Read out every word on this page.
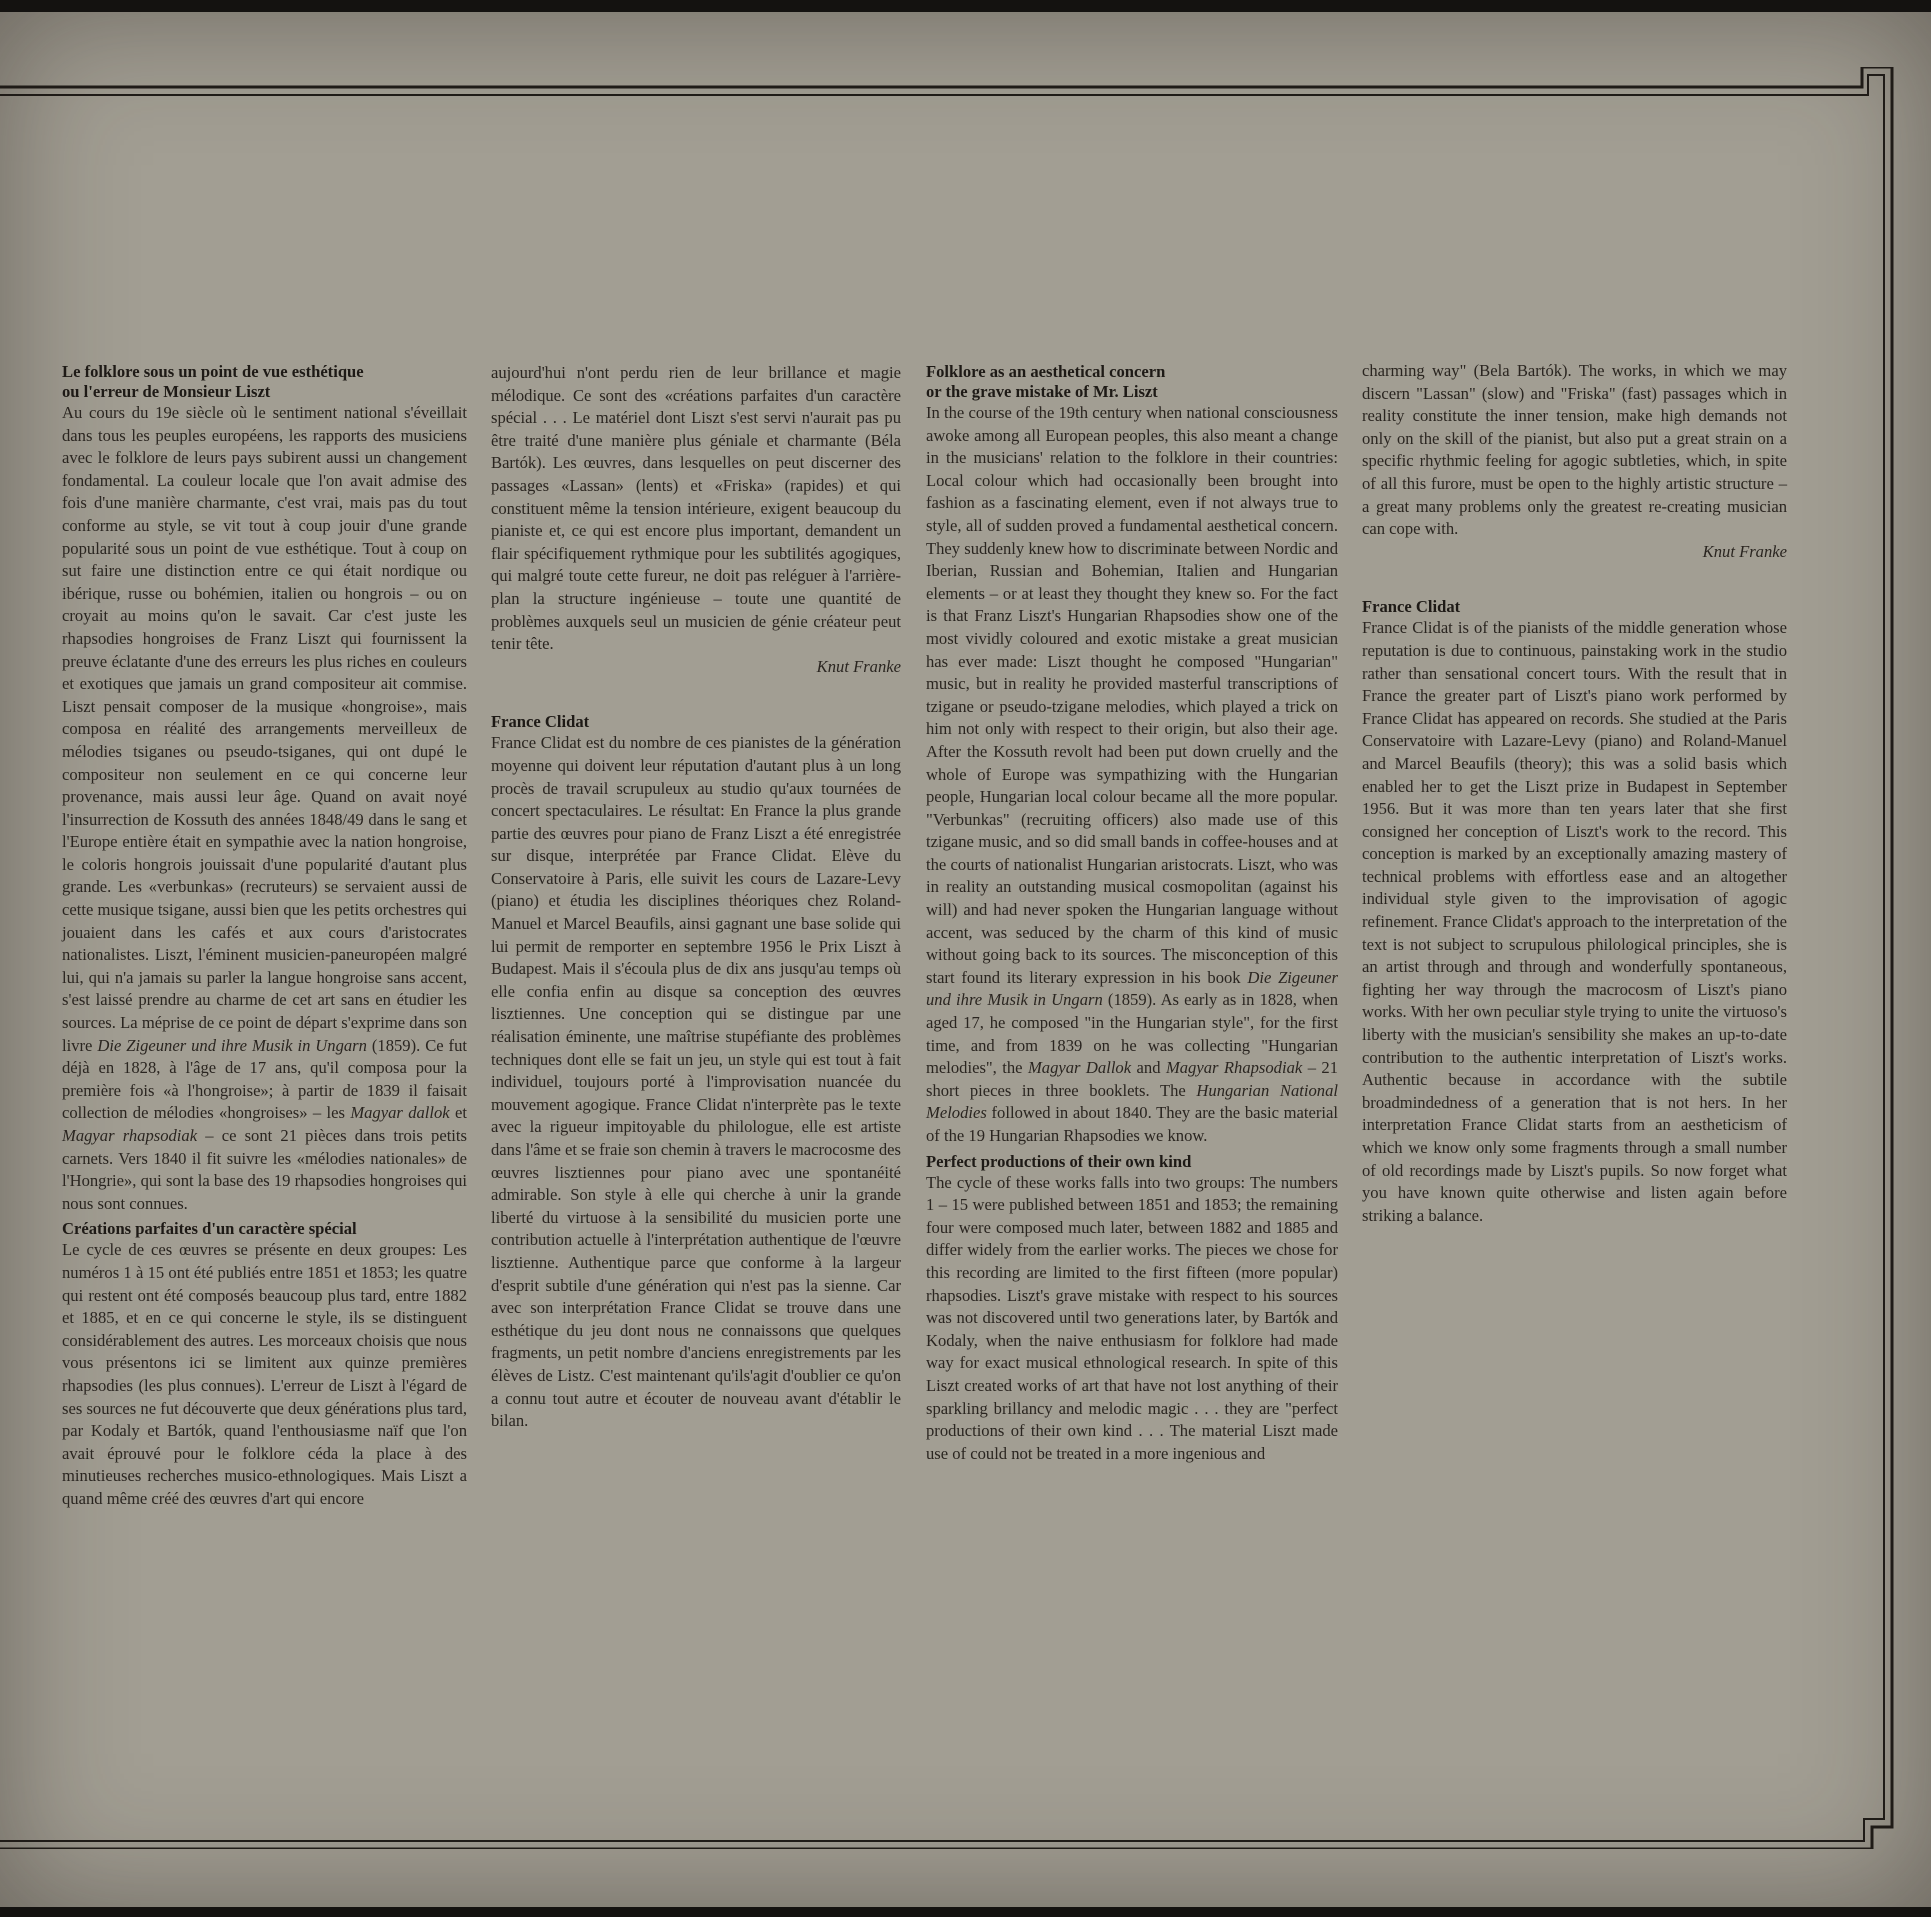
Le folklore sous un point de vue esthétique
ou l'erreur de Monsieur Liszt

Au cours du 19e siècle où le sentiment national s'éveillait dans tous les peuples européens, les rapports des musiciens avec le folklore de leurs pays subirent aussi un changement fondamental. La couleur locale que l'on avait admise des fois d'une manière charmante, c'est vrai, mais pas du tout conforme au style, se vit tout à coup jouir d'une grande popularité sous un point de vue esthétique. Tout à coup on sut faire une distinction entre ce qui était nordique ou ibérique, russe ou bohémien, italien ou hongrois – ou on croyait au moins qu'on le savait. Car c'est juste les rhapsodies hongroises de Franz Liszt qui fournissent la preuve éclatante d'une des erreurs les plus riches en couleurs et exotiques que jamais un grand compositeur ait commise. Liszt pensait composer de la musique «hongroise», mais composa en réalité des arrangements merveilleux de mélodies tsiganes ou pseudo-tsiganes, qui ont dupé le compositeur non seulement en ce qui concerne leur provenance, mais aussi leur âge. Quand on avait noyé l'insurrection de Kossuth des années 1848/49 dans le sang et l'Europe entière était en sympathie avec la nation hongroise, le coloris hongrois jouissait d'une popularité d'autant plus grande. Les «verbunkas» (recruteurs) se servaient aussi de cette musique tsigane, aussi bien que les petits orchestres qui jouaient dans les cafés et aux cours d'aristocrates nationalistes. Liszt, l'éminent musicien-paneuropéen malgré lui, qui n'a jamais su parler la langue hongroise sans accent, s'est laissé prendre au charme de cet art sans en étudier les sources. La méprise de ce point de départ s'exprime dans son livre Die Zigeuner und ihre Musik in Ungarn (1859). Ce fut déjà en 1828, à l'âge de 17 ans, qu'il composa pour la première fois «à l'hongroise»; à partir de 1839 il faisait collection de mélodies «hongroises» – les Magyar dallok et Magyar rhapsodiak – ce sont 21 pièces dans trois petits carnets. Vers 1840 il fit suivre les «mélodies nationales» de l'Hongrie», qui sont la base des 19 rhapsodies hongroises qui nous sont connues.

Créations parfaites d'un caractère spécial

Le cycle de ces œuvres se présente en deux groupes: Les numéros 1 à 15 ont été publiés entre 1851 et 1853; les quatre qui restent ont été composés beaucoup plus tard, entre 1882 et 1885, et en ce qui concerne le style, ils se distinguent considérablement des autres. Les morceaux choisis que nous vous présentons ici se limitent aux quinze premières rhapsodies (les plus connues). L'erreur de Liszt à l'égard de ses sources ne fut découverte que deux générations plus tard, par Kodaly et Bartók, quand l'enthousiasme naïf que l'on avait éprouvé pour le folklore céda la place à des minutieuses recherches musico-ethnologiques. Mais Liszt a quand même créé des œuvres d'art qui encore

aujourd'hui n'ont perdu rien de leur brillance et magie mélodique. Ce sont des «créations parfaites d'un caractère spécial . . . Le matériel dont Liszt s'est servi n'aurait pas pu être traité d'une manière plus géniale et charmante (Béla Bartók). Les œuvres, dans lesquelles on peut discerner des passages «Lassan» (lents) et «Friska» (rapides) et qui constituent même la tension intérieure, exigent beaucoup du pianiste et, ce qui est encore plus important, demandent un flair spécifiquement rythmique pour les subtilités agogiques, qui malgré toute cette fureur, ne doit pas reléguer à l'arrière-plan la structure ingénieuse – toute une quantité de problèmes auxquels seul un musicien de génie créateur peut tenir tête.

Knut Franke

France Clidat

France Clidat est du nombre de ces pianistes de la génération moyenne qui doivent leur réputation d'autant plus à un long procès de travail scrupuleux au studio qu'aux tournées de concert spectaculaires. Le résultat: En France la plus grande partie des œuvres pour piano de Franz Liszt a été enregistrée sur disque, interprétée par France Clidat. Elève du Conservatoire à Paris, elle suivit les cours de Lazare-Levy (piano) et étudia les disciplines théoriques chez Roland-Manuel et Marcel Beaufils, ainsi gagnant une base solide qui lui permit de remporter en septembre 1956 le Prix Liszt à Budapest. Mais il s'écoula plus de dix ans jusqu'au temps où elle confia enfin au disque sa conception des œuvres lisztiennes. Une conception qui se distingue par une réalisation éminente, une maîtrise stupéfiante des problèmes techniques dont elle se fait un jeu, un style qui est tout à fait individuel, toujours porté à l'improvisation nuancée du mouvement agogique. France Clidat n'interprète pas le texte avec la rigueur impitoyable du philologue, elle est artiste dans l'âme et se fraie son chemin à travers le macrocosme des œuvres lisztiennes pour piano avec une spontanéité admirable. Son style à elle qui cherche à unir la grande liberté du virtuose à la sensibilité du musicien porte une contribution actuelle à l'interprétation authentique de l'œuvre lisztienne. Authentique parce que conforme à la largeur d'esprit subtile d'une génération qui n'est pas la sienne. Car avec son interprétation France Clidat se trouve dans une esthétique du jeu dont nous ne connaissons que quelques fragments, un petit nombre d'anciens enregistrements par les élèves de Listz. C'est maintenant qu'ils'agit d'oublier ce qu'on a connu tout autre et écouter de nouveau avant d'établir le bilan.

Folklore as an aesthetical concern
or the grave mistake of Mr. Liszt

In the course of the 19th century when national consciousness awoke among all European peoples, this also meant a change in the musicians' relation to the folklore in their countries: Local colour which had occasionally been brought into fashion as a fascinating element, even if not always true to style, all of sudden proved a fundamental aesthetical concern. They suddenly knew how to discriminate between Nordic and Iberian, Russian and Bohemian, Italien and Hungarian elements – or at least they thought they knew so. For the fact is that Franz Liszt's Hungarian Rhapsodies show one of the most vividly coloured and exotic mistake a great musician has ever made: Liszt thought he composed "Hungarian" music, but in reality he provided masterful transcriptions of tzigane or pseudo-tzigane melodies, which played a trick on him not only with respect to their origin, but also their age. After the Kossuth revolt had been put down cruelly and the whole of Europe was sympathizing with the Hungarian people, Hungarian local colour became all the more popular. "Verbunkas" (recruiting officers) also made use of this tzigane music, and so did small bands in coffee-houses and at the courts of nationalist Hungarian aristocrats. Liszt, who was in reality an outstanding musical cosmopolitan (against his will) and had never spoken the Hungarian language without accent, was seduced by the charm of this kind of music without going back to its sources. The misconception of this start found its literary expression in his book Die Zigeuner und ihre Musik in Ungarn (1859). As early as in 1828, when aged 17, he composed "in the Hungarian style", for the first time, and from 1839 on he was collecting "Hungarian melodies", the Magyar Dallok and Magyar Rhapsodiak – 21 short pieces in three booklets. The Hungarian National Melodies followed in about 1840. They are the basic material of the 19 Hungarian Rhapsodies we know.

Perfect productions of their own kind

The cycle of these works falls into two groups: The numbers 1 – 15 were published between 1851 and 1853; the remaining four were composed much later, between 1882 and 1885 and differ widely from the earlier works. The pieces we chose for this recording are limited to the first fifteen (more popular) rhapsodies. Liszt's grave mistake with respect to his sources was not discovered until two generations later, by Bartók and Kodaly, when the naive enthusiasm for folklore had made way for exact musical ethnological research. In spite of this Liszt created works of art that have not lost anything of their sparkling brillancy and melodic magic . . . they are "perfect productions of their own kind . . . The material Liszt made use of could not be treated in a more ingenious and

charming way" (Bela Bartók). The works, in which we may discern "Lassan" (slow) and "Friska" (fast) passages which in reality constitute the inner tension, make high demands not only on the skill of the pianist, but also put a great strain on a specific rhythmic feeling for agogic subtleties, which, in spite of all this furore, must be open to the highly artistic structure – a great many problems only the greatest re-creating musician can cope with.

Knut Franke

France Clidat

France Clidat is of the pianists of the middle generation whose reputation is due to continuous, painstaking work in the studio rather than sensational concert tours. With the result that in France the greater part of Liszt's piano work performed by France Clidat has appeared on records. She studied at the Paris Conservatoire with Lazare-Levy (piano) and Roland-Manuel and Marcel Beaufils (theory); this was a solid basis which enabled her to get the Liszt prize in Budapest in September 1956. But it was more than ten years later that she first consigned her conception of Liszt's work to the record. This conception is marked by an exceptionally amazing mastery of technical problems with effortless ease and an altogether individual style given to the improvisation of agogic refinement. France Clidat's approach to the interpretation of the text is not subject to scrupulous philological principles, she is an artist through and through and wonderfully spontaneous, fighting her way through the macrocosm of Liszt's piano works. With her own peculiar style trying to unite the virtuoso's liberty with the musician's sensibility she makes an up-to-date contribution to the authentic interpretation of Liszt's works. Authentic because in accordance with the subtile broadmindedness of a generation that is not hers. In her interpretation France Clidat starts from an aestheticism of which we know only some fragments through a small number of old recordings made by Liszt's pupils. So now forget what you have known quite otherwise and listen again before striking a balance.
